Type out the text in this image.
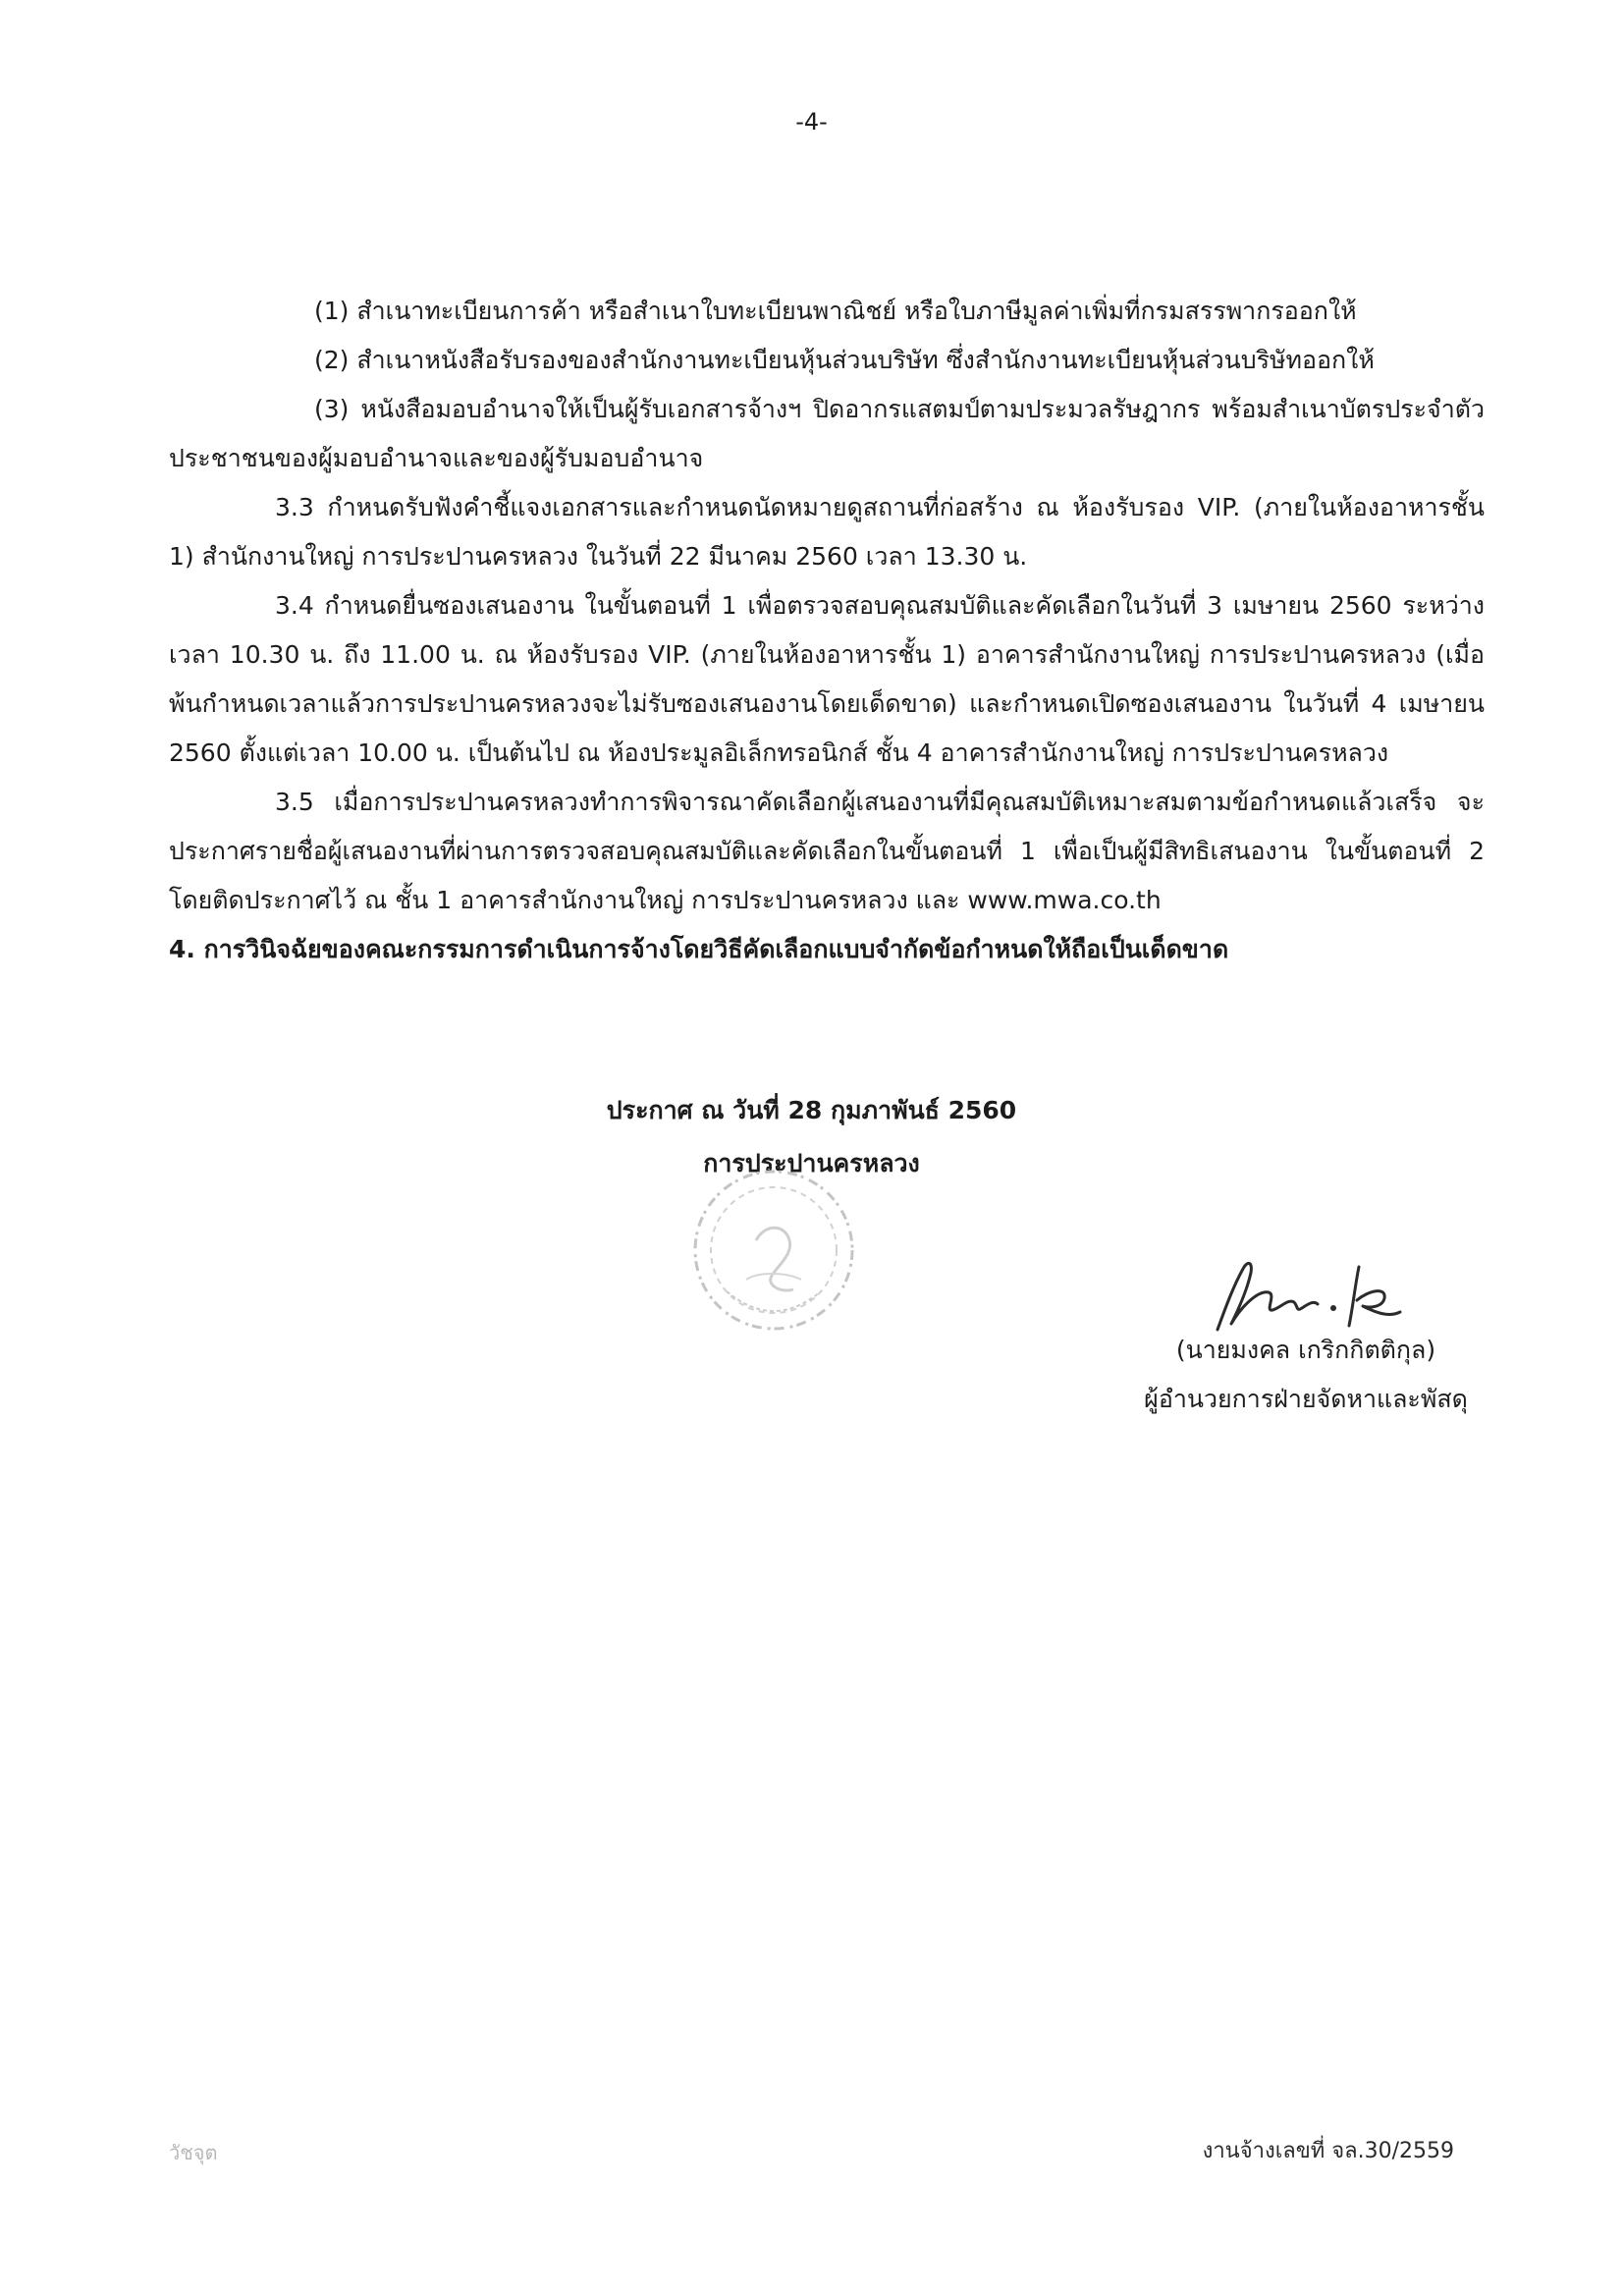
-4-

(1) สำเนาทะเบียนการค้า หรือสำเนาใบทะเบียนพาณิชย์ หรือใบภาษีมูลค่าเพิ่มที่กรมสรรพากรออกให้

(2) สำเนาหนังสือรับรองของสำนักงานทะเบียนหุ้นส่วนบริษัท ซึ่งสำนักงานทะเบียนหุ้นส่วนบริษัทออกให้

(3) หนังสือมอบอำนาจให้เป็นผู้รับเอกสารจ้างฯ ปิดอากรแสตมป์ตามประมวลรัษฎากร พร้อมสำเนาบัตรประจำตัวประชาชนของผู้มอบอำนาจและของผู้รับมอบอำนาจ

3.3 กำหนดรับฟังคำชี้แจงเอกสารและกำหนดนัดหมายดูสถานที่ก่อสร้าง ณ ห้องรับรอง VIP. (ภายในห้องอาหารชั้น 1) สำนักงานใหญ่ การประปานครหลวง ในวันที่ 22 มีนาคม 2560 เวลา 13.30 น.

3.4 กำหนดยื่นซองเสนองาน ในขั้นตอนที่ 1 เพื่อตรวจสอบคุณสมบัติและคัดเลือกในวันที่ 3 เมษายน 2560 ระหว่างเวลา 10.30 น. ถึง 11.00 น. ณ ห้องรับรอง VIP. (ภายในห้องอาหารชั้น 1) อาคารสำนักงานใหญ่ การประปานครหลวง (เมื่อพ้นกำหนดเวลาแล้วการประปานครหลวงจะไม่รับซองเสนองานโดยเด็ดขาด) และกำหนดเปิดซองเสนองาน ในวันที่ 4 เมษายน 2560 ตั้งแต่เวลา 10.00 น. เป็นต้นไป ณ ห้องประมูลอิเล็กทรอนิกส์ ชั้น 4 อาคารสำนักงานใหญ่ การประปานครหลวง

3.5 เมื่อการประปานครหลวงทำการพิจารณาคัดเลือกผู้เสนองานที่มีคุณสมบัติเหมาะสมตามข้อกำหนดแล้วเสร็จ จะประกาศรายชื่อผู้เสนองานที่ผ่านการตรวจสอบคุณสมบัติและคัดเลือกในขั้นตอนที่ 1 เพื่อเป็นผู้มีสิทธิเสนองาน ในขั้นตอนที่ 2 โดยติดประกาศไว้ ณ ชั้น 1 อาคารสำนักงานใหญ่ การประปานครหลวง และ www.mwa.co.th

4. การวินิจฉัยของคณะกรรมการดำเนินการจ้างโดยวิธีคัดเลือกแบบจำกัดข้อกำหนดให้ถือเป็นเด็ดขาด

ประกาศ ณ วันที่ 28 กุมภาพันธ์ 2560
การประปานครหลวง
(นายมงคล เกริกกิตติกุล)
ผู้อำนวยการฝ่ายจัดหาและพัสดุ
วัชจุต	งานจ้างเลขที่ จล.30/2559
